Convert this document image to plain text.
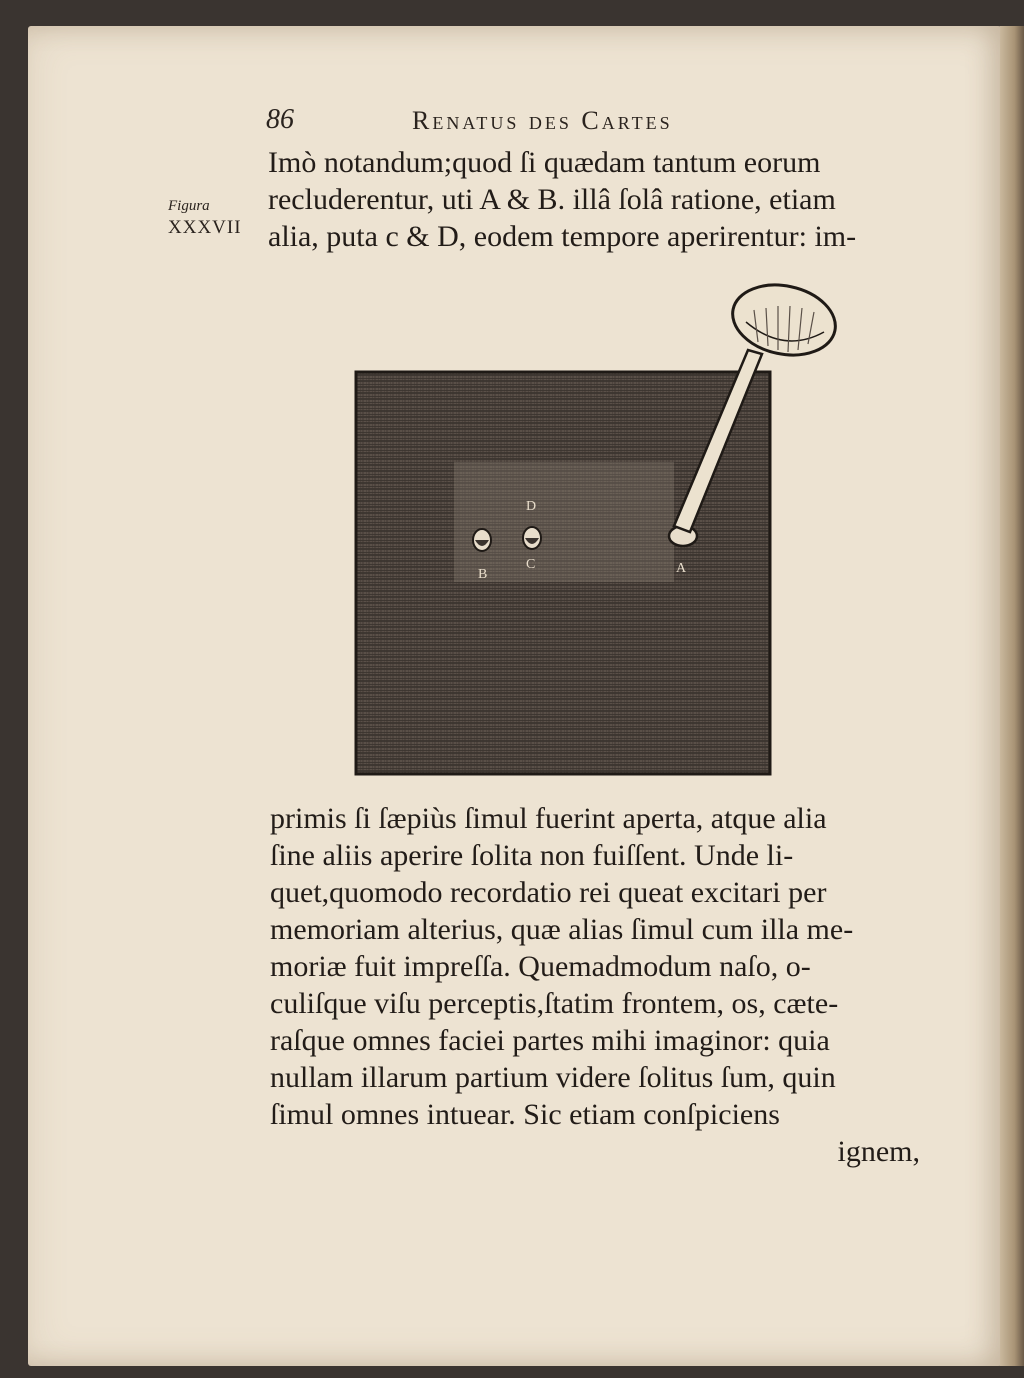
86	Renatus des Cartes
Figura
XXXVII
Imò notandum;quod ſi quædam tantum eorum
recluderentur, uti A & B. illâ ſolâ ratione, etiam
alia, puta c & D, eodem tempore aperirentur: im-
B
C
D
A
primis ſi ſæpiùs ſimul fuerint aperta, atque alia
ſine aliis aperire ſolita non fuiſſent. Unde li-
quet,quomodo recordatio rei queat excitari per
memoriam alterius, quæ alias ſimul cum illa me-
moriæ fuit impreſſa. Quemadmodum naſo, o-
culiſque viſu perceptis,ſtatim frontem, os, cæte-
raſque omnes faciei partes mihi imaginor: quia
nullam illarum partium videre ſolitus ſum, quin
ſimul omnes intuear. Sic etiam conſpiciens
ignem,
